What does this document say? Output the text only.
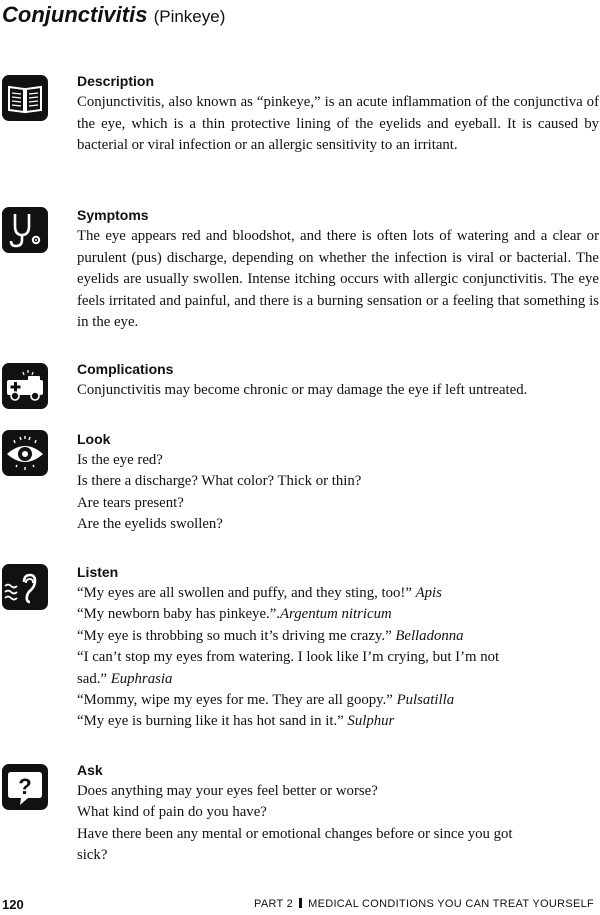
Conjunctivitis (Pinkeye)
Description
Conjunctivitis, also known as “pinkeye,” is an acute inflammation of the conjunctiva of the eye, which is a thin protective lining of the eyelids and eyeball. It is caused by bacterial or viral infection or an allergic sensitivity to an irritant.
Symptoms
The eye appears red and bloodshot, and there is often lots of watering and a clear or purulent (pus) discharge, depending on whether the infection is viral or bacterial. The eyelids are usually swollen. Intense itching occurs with allergic conjunctivitis. The eye feels irritated and painful, and there is a burning sensation or a feeling that something is in the eye.
Complications
Conjunctivitis may become chronic or may damage the eye if left untreated.
Look
Is the eye red?
Is there a discharge? What color? Thick or thin?
Are tears present?
Are the eyelids swollen?
Listen
“My eyes are all swollen and puffy, and they sting, too!” Apis
“My newborn baby has pinkeye.”.Argentum nitricum
“My eye is throbbing so much it’s driving me crazy.” Belladonna
“I can’t stop my eyes from watering. I look like I’m crying, but I’m not
sad.” Euphrasia
“Mommy, wipe my eyes for me. They are all goopy.” Pulsatilla
“My eye is burning like it has hot sand in it.” Sulphur
?
Ask
Does anything may your eyes feel better or worse?
What kind of pain do you have?
Have there been any mental or emotional changes before or since you got
sick?
120	PART 2 MEDICAL CONDITIONS YOU CAN TREAT YOURSELF
